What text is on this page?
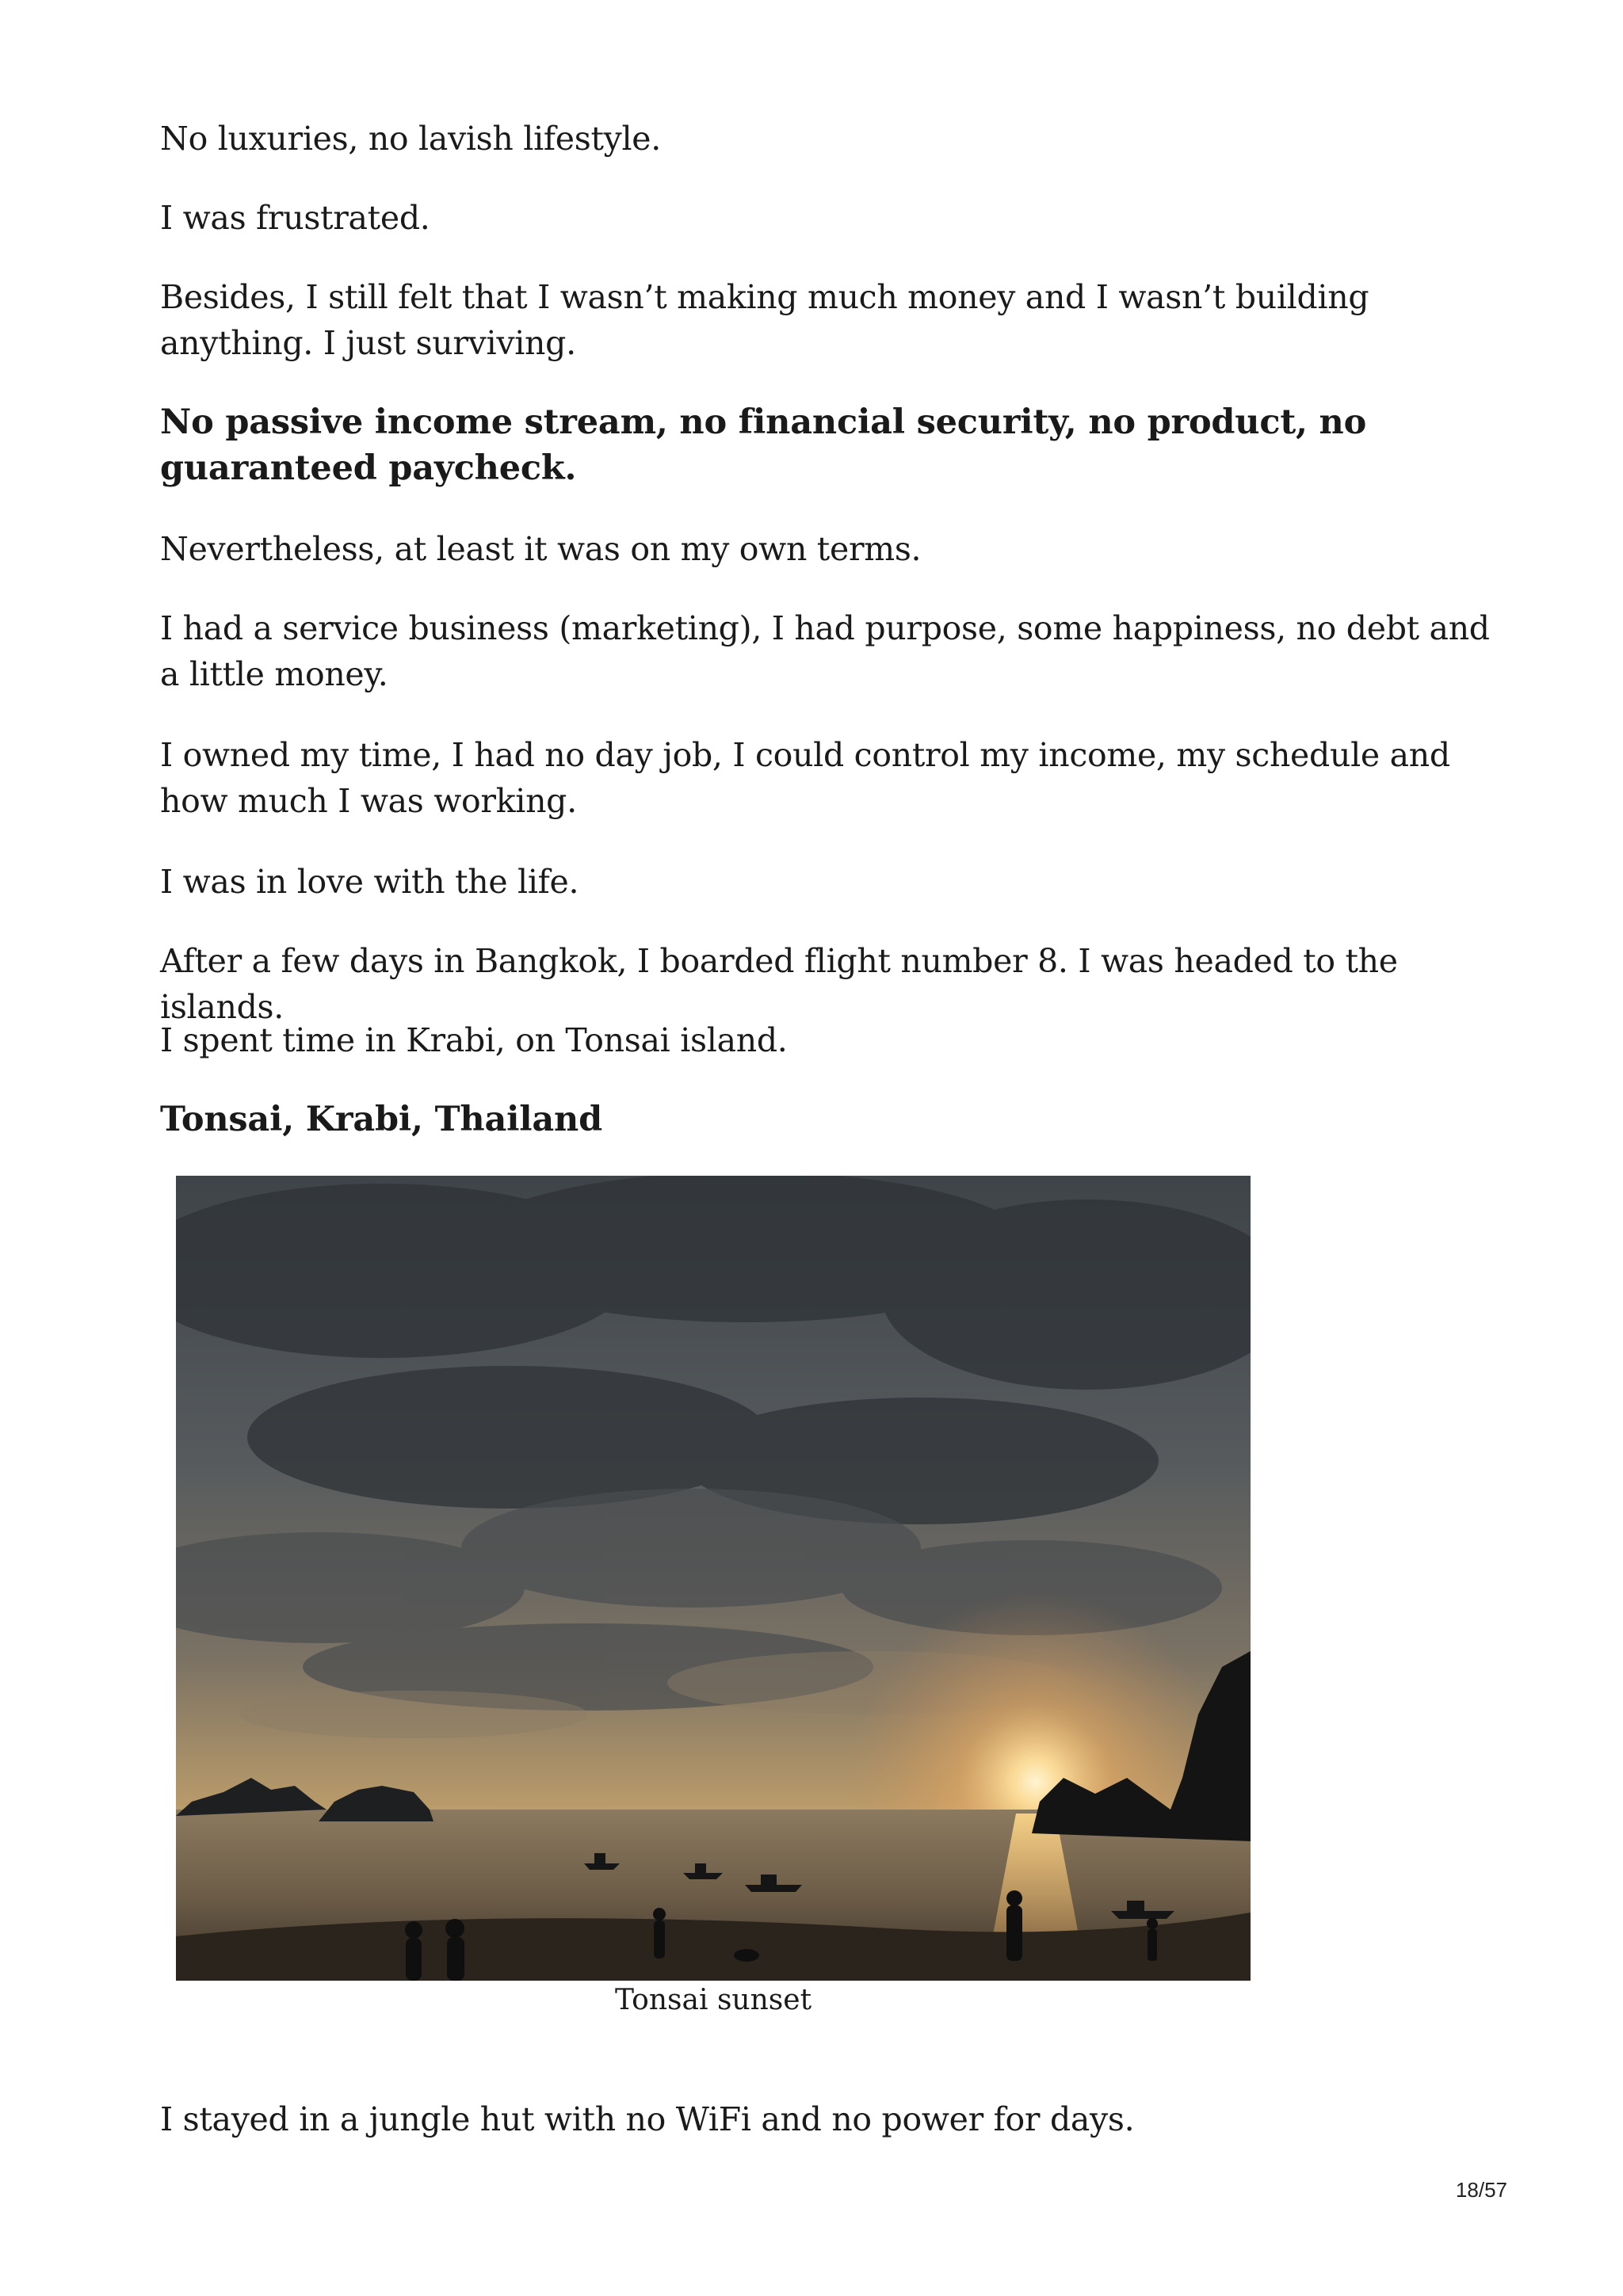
No luxuries, no lavish lifestyle.

I was frustrated.

Besides, I still felt that I wasn’t making much money and I wasn’t building anything. I just surviving.

No passive income stream, no financial security, no product, no guaranteed paycheck.

Nevertheless, at least it was on my own terms.

I had a service business (marketing), I had purpose, some happiness, no debt and a little money.

I owned my time, I had no day job, I could control my income, my schedule and how much I was working.

I was in love with the life.

After a few days in Bangkok, I boarded flight number 8. I was headed to the islands.

I spent time in Krabi, on Tonsai island.

Tonsai, Krabi, Thailand

Tonsai sunset

I stayed in a jungle hut with no WiFi and no power for days.

18/57
